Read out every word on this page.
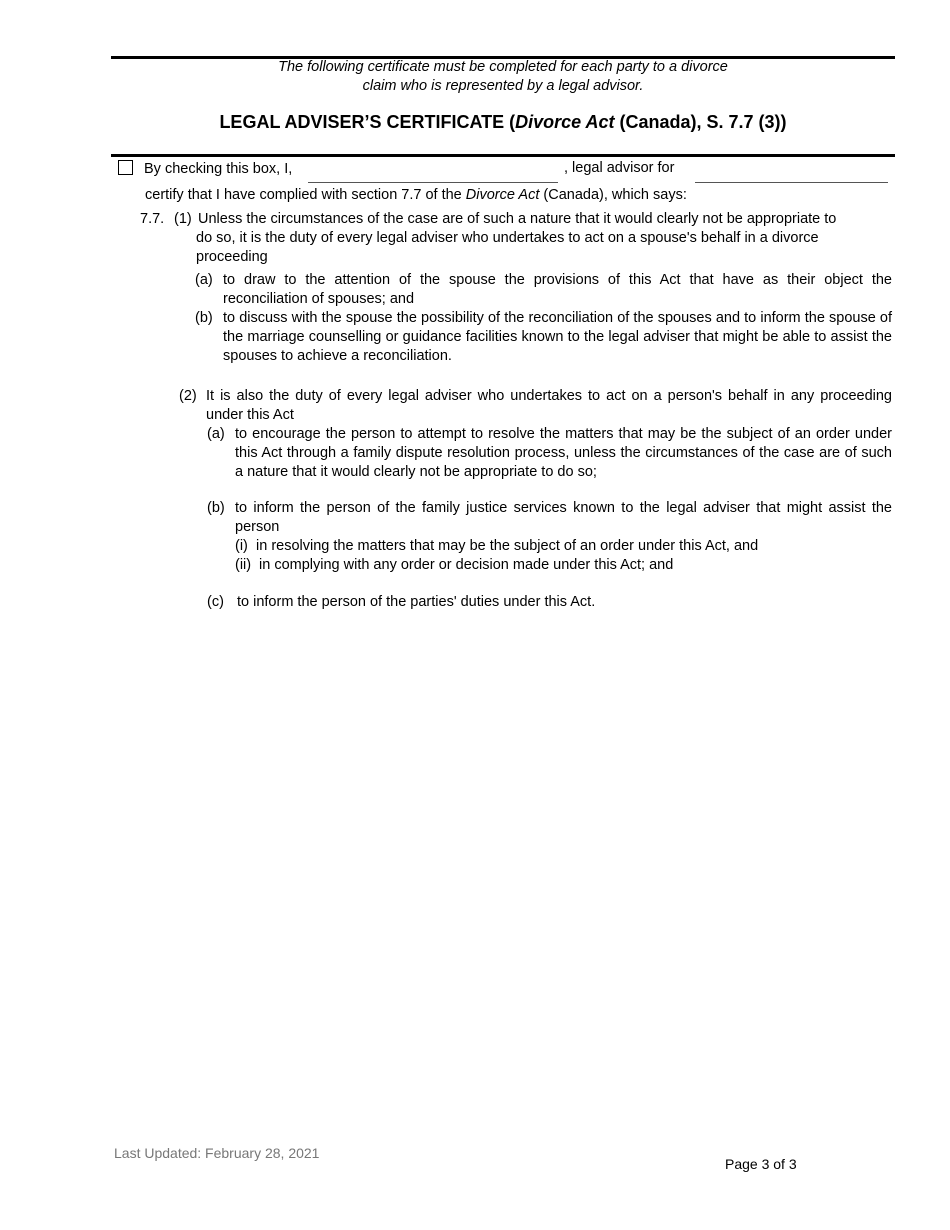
The following certificate must be completed for each party to a divorce
claim who is represented by a legal advisor.
LEGAL ADVISER’S CERTIFICATE (Divorce Act (Canada), S. 7.7 (3))
By checking this box, I,	, legal advisor for
certify that I have complied with section 7.7 of the Divorce Act (Canada), which says:
7.7. (1) Unless the circumstances of the case are of such a nature that it would clearly not be appropriate to
do so, it is the duty of every legal adviser who undertakes to act on a spouse's behalf in a divorce proceeding
(a) to draw to the attention of the spouse the provisions of this Act that have as their object the reconciliation of spouses; and
(b) to discuss with the spouse the possibility of the reconciliation of the spouses and to inform the spouse of the marriage counselling or guidance facilities known to the legal adviser that might be able to assist the spouses to achieve a reconciliation.
(2) It is also the duty of every legal adviser who undertakes to act on a person's behalf in any proceeding under this Act
(a) to encourage the person to attempt to resolve the matters that may be the subject of an order under this Act through a family dispute resolution process, unless the circumstances of the case are of such a nature that it would clearly not be appropriate to do so;
(b) to inform the person of the family justice services known to the legal adviser that might assist the person
(i) in resolving the matters that may be the subject of an order under this Act, and
(ii) in complying with any order or decision made under this Act; and
(c) to inform the person of the parties' duties under this Act.
Last Updated: February 28, 2021
Page 3 of 3
